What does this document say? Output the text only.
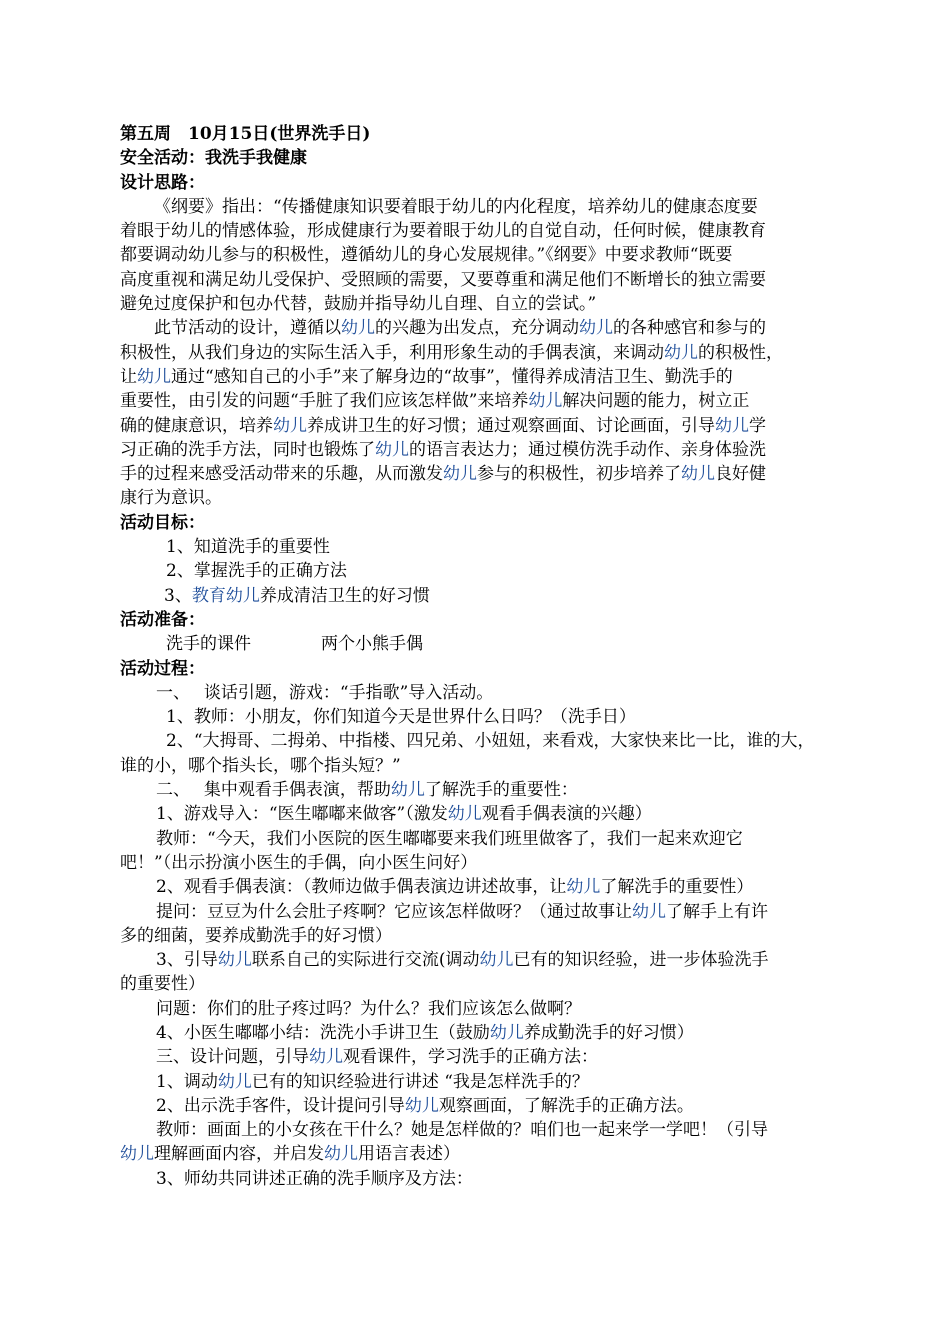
第五周　10月15日(世界洗手日)
安全活动：我洗手我健康
设计思路：
《纲要》指出：“传播健康知识要着眼于幼儿的内化程度，培养幼儿的健康态度要
着眼于幼儿的情感体验，形成健康行为要着眼于幼儿的自觉自动，任何时候，健康教育
都要调动幼儿参与的积极性，遵循幼儿的身心发展规律。”《纲要》中要求教师“既要
高度重视和满足幼儿受保护、受照顾的需要，又要尊重和满足他们不断增长的独立需要
避免过度保护和包办代替，鼓励并指导幼儿自理、自立的尝试。”
此节活动的设计，遵循以幼儿的兴趣为出发点，充分调动幼儿的各种感官和参与的
积极性，从我们身边的实际生活入手，利用形象生动的手偶表演，来调动幼儿的积极性，
让幼儿通过“感知自己的小手”来了解身边的“故事”，懂得养成清洁卫生、勤洗手的
重要性，由引发的问题“手脏了我们应该怎样做”来培养幼儿解决问题的能力，树立正
确的健康意识，培养幼儿养成讲卫生的好习惯；通过观察画面、讨论画面，引导幼儿学
习正确的洗手方法，同时也锻炼了幼儿的语言表达力；通过模仿洗手动作、亲身体验洗
手的过程来感受活动带来的乐趣，从而激发幼儿参与的积极性，初步培养了幼儿良好健
康行为意识。
活动目标：
1、知道洗手的重要性
2、掌握洗手的正确方法
3、教育幼儿养成清洁卫生的好习惯
活动准备：
洗手的课件	两个小熊手偶
活动过程：
一、　 谈话引题，游戏：“手指歌”导入活动。
1、教师：小朋友，你们知道今天是世界什么日吗？（洗手日）
2、“大拇哥、二拇弟、中指楼、四兄弟、小妞妞，来看戏，大家快来比一比，谁的大，
谁的小，哪个指头长，哪个指头短？”
二、　 集中观看手偶表演，帮助幼儿了解洗手的重要性：
1、游戏导入：“医生嘟嘟来做客”（激发幼儿观看手偶表演的兴趣）
教师：“今天，我们小医院的医生嘟嘟要来我们班里做客了，我们一起来欢迎它
吧！”（出示扮演小医生的手偶，向小医生问好）
2、观看手偶表演：（教师边做手偶表演边讲述故事，让幼儿了解洗手的重要性）
提问：豆豆为什么会肚子疼啊？它应该怎样做呀？（通过故事让幼儿了解手上有许
多的细菌，要养成勤洗手的好习惯）
3、引导幼儿联系自己的实际进行交流(调动幼儿已有的知识经验，进一步体验洗手
的重要性）
问题：你们的肚子疼过吗？为什么？我们应该怎么做啊？
4、小医生嘟嘟小结：洗洗小手讲卫生（鼓励幼儿养成勤洗手的好习惯）
三、设计问题，引导幼儿观看课件，学习洗手的正确方法：
1、调动幼儿已有的知识经验进行讲述 “我是怎样洗手的？
2、出示洗手客件，设计提问引导幼儿观察画面，了解洗手的正确方法。
教师：画面上的小女孩在干什么？她是怎样做的？咱们也一起来学一学吧！（引导
幼儿理解画面内容，并启发幼儿用语言表述）
3、师幼共同讲述正确的洗手顺序及方法：
